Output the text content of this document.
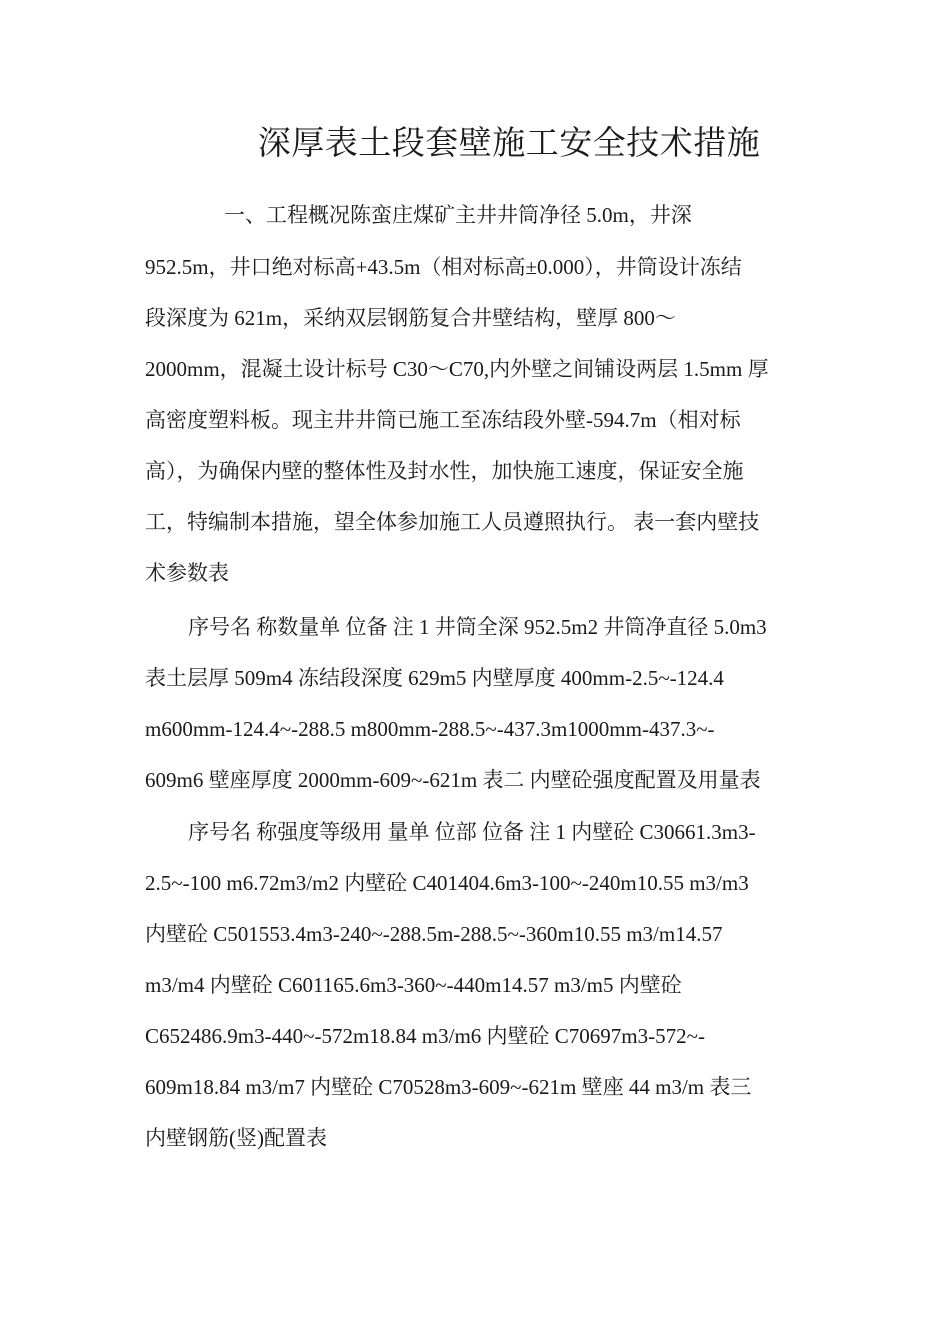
深厚表土段套壁施工安全技术措施
一、工程概况陈蛮庄煤矿主井井筒净径 5.0m，井深
952.5m，井口绝对标高+43.5m（相对标高±0.000），井筒设计冻结
段深度为 621m，采纳双层钢筋复合井壁结构，壁厚 800～
2000mm，混凝土设计标号 C30～C70,内外壁之间铺设两层 1.5mm 厚
高密度塑料板。现主井井筒已施工至冻结段外壁-594.7m（相对标
高），为确保内壁的整体性及封水性，加快施工速度，保证安全施
工，特编制本措施，望全体参加施工人员遵照执行。 表一套内壁技
术参数表
序号名 称数量单 位备 注 1 井筒全深 952.5m2 井筒净直径 5.0m3
表土层厚 509m4 冻结段深度 629m5 内壁厚度 400mm-2.5~-124.4
m600mm-124.4~-288.5 m800mm-288.5~-437.3m1000mm-437.3~-
609m6 壁座厚度 2000mm-609~-621m 表二 内壁砼强度配置及用量表
序号名 称强度等级用 量单 位部 位备 注 1 内壁砼 C30661.3m3-
2.5~-100 m6.72m3/m2 内壁砼 C401404.6m3-100~-240m10.55 m3/m3
内壁砼 C501553.4m3-240~-288.5m-288.5~-360m10.55 m3/m14.57
m3/m4 内壁砼 C601165.6m3-360~-440m14.57 m3/m5 内壁砼
C652486.9m3-440~-572m18.84 m3/m6 内壁砼 C70697m3-572~-
609m18.84 m3/m7 内壁砼 C70528m3-609~-621m 壁座 44 m3/m 表三
内壁钢筋(竖)配置表
